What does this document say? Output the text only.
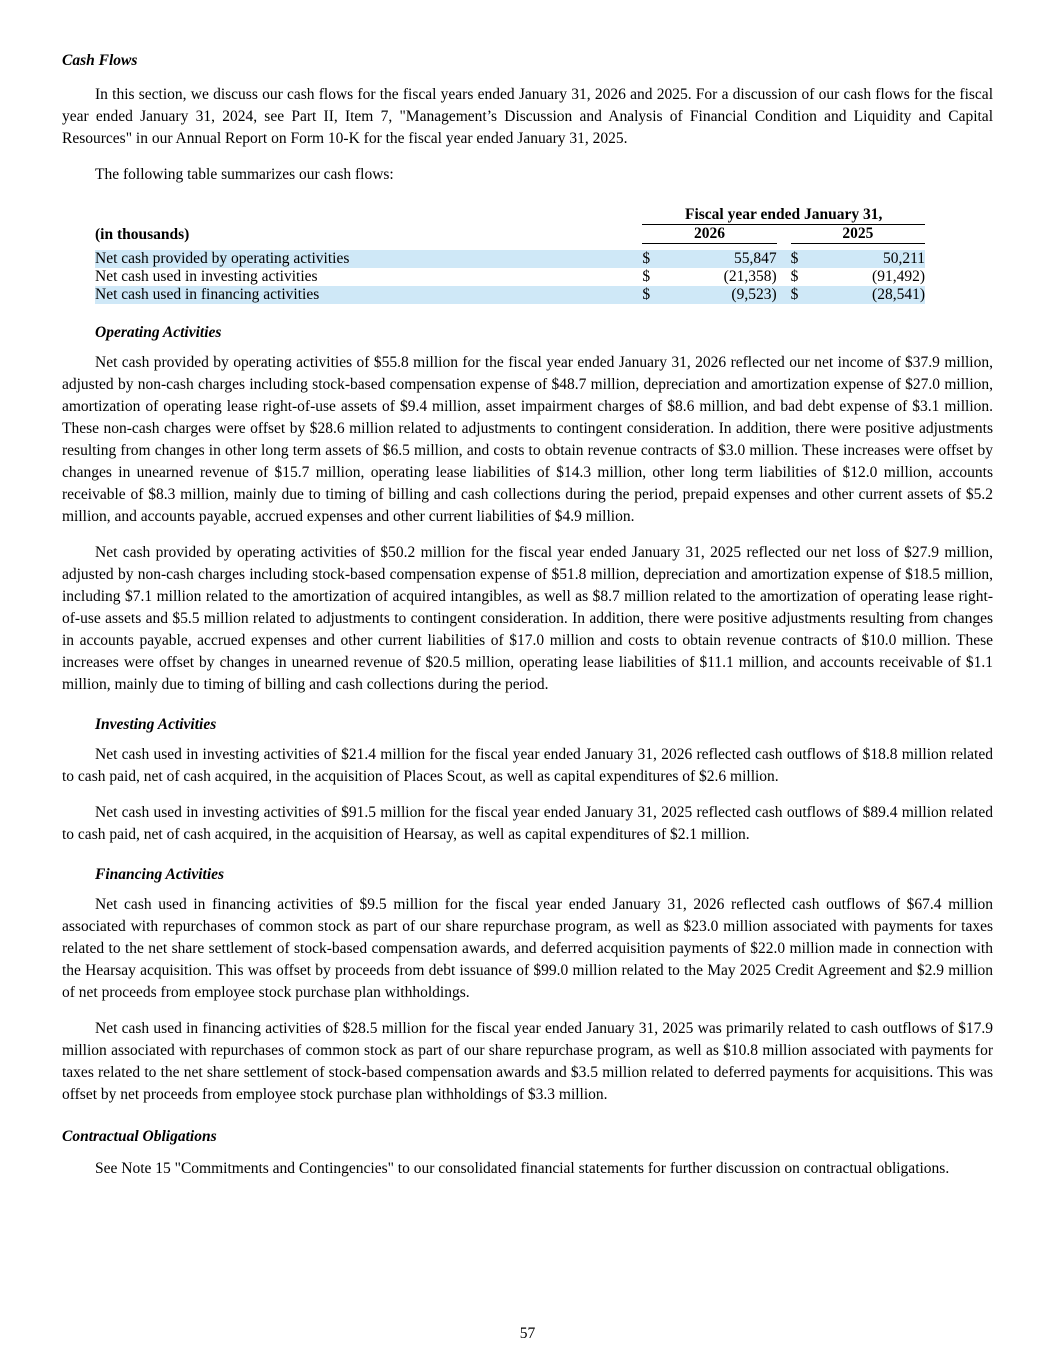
Cash Flows

In this section, we discuss our cash flows for the fiscal years ended January 31, 2026 and 2025. For a discussion of our cash flows for the fiscal year ended January 31, 2024, see Part II, Item 7, "Management’s Discussion and Analysis of Financial Condition and Liquidity and Capital Resources" in our Annual Report on Form 10-K for the fiscal year ended January 31, 2025.

The following table summarizes our cash flows:

	Fiscal year ended January 31,				
(in thousands)	2026			2025	

Net cash provided by operating activities	$	55,847		$	50,211
Net cash used in investing activities	$	(21,358)		$	(91,492)
Net cash used in financing activities	$	(9,523)		$	(28,541)
Operating Activities

Net cash provided by operating activities of $55.8 million for the fiscal year ended January 31, 2026 reflected our net income of $37.9 million, adjusted by non-cash charges including stock-based compensation expense of $48.7 million, depreciation and amortization expense of $27.0 million, amortization of operating lease right-of-use assets of $9.4 million, asset impairment charges of $8.6 million, and bad debt expense of $3.1 million. These non-cash charges were offset by $28.6 million related to adjustments to contingent consideration. In addition, there were positive adjustments resulting from changes in other long term assets of $6.5 million, and costs to obtain revenue contracts of $3.0 million. These increases were offset by changes in unearned revenue of $15.7 million, operating lease liabilities of $14.3 million, other long term liabilities of $12.0 million, accounts receivable of $8.3 million, mainly due to timing of billing and cash collections during the period, prepaid expenses and other current assets of $5.2 million, and accounts payable, accrued expenses and other current liabilities of $4.9 million.

Net cash provided by operating activities of $50.2 million for the fiscal year ended January 31, 2025 reflected our net loss of $27.9 million, adjusted by non-cash charges including stock-based compensation expense of $51.8 million, depreciation and amortization expense of $18.5 million, including $7.1 million related to the amortization of acquired intangibles, as well as $8.7 million related to the amortization of operating lease right-of-use assets and $5.5 million related to adjustments to contingent consideration. In addition, there were positive adjustments resulting from changes in accounts payable, accrued expenses and other current liabilities of $17.0 million and costs to obtain revenue contracts of $10.0 million. These increases were offset by changes in unearned revenue of $20.5 million, operating lease liabilities of $11.1 million, and accounts receivable of $1.1 million, mainly due to timing of billing and cash collections during the period.

Investing Activities

Net cash used in investing activities of $21.4 million for the fiscal year ended January 31, 2026 reflected cash outflows of $18.8 million related to cash paid, net of cash acquired, in the acquisition of Places Scout, as well as capital expenditures of $2.6 million.

Net cash used in investing activities of $91.5 million for the fiscal year ended January 31, 2025 reflected cash outflows of $89.4 million related to cash paid, net of cash acquired, in the acquisition of Hearsay, as well as capital expenditures of $2.1 million.

Financing Activities

Net cash used in financing activities of $9.5 million for the fiscal year ended January 31, 2026 reflected cash outflows of $67.4 million associated with repurchases of common stock as part of our share repurchase program, as well as $23.0 million associated with payments for taxes related to the net share settlement of stock-based compensation awards, and deferred acquisition payments of $22.0 million made in connection with the Hearsay acquisition. This was offset by proceeds from debt issuance of $99.0 million related to the May 2025 Credit Agreement and $2.9 million of net proceeds from employee stock purchase plan withholdings.

Net cash used in financing activities of $28.5 million for the fiscal year ended January 31, 2025 was primarily related to cash outflows of $17.9 million associated with repurchases of common stock as part of our share repurchase program, as well as $10.8 million associated with payments for taxes related to the net share settlement of stock-based compensation awards and $3.5 million related to deferred payments for acquisitions. This was offset by net proceeds from employee stock purchase plan withholdings of $3.3 million.

Contractual Obligations

See Note 15 "Commitments and Contingencies" to our consolidated financial statements for further discussion on contractual obligations.

57
